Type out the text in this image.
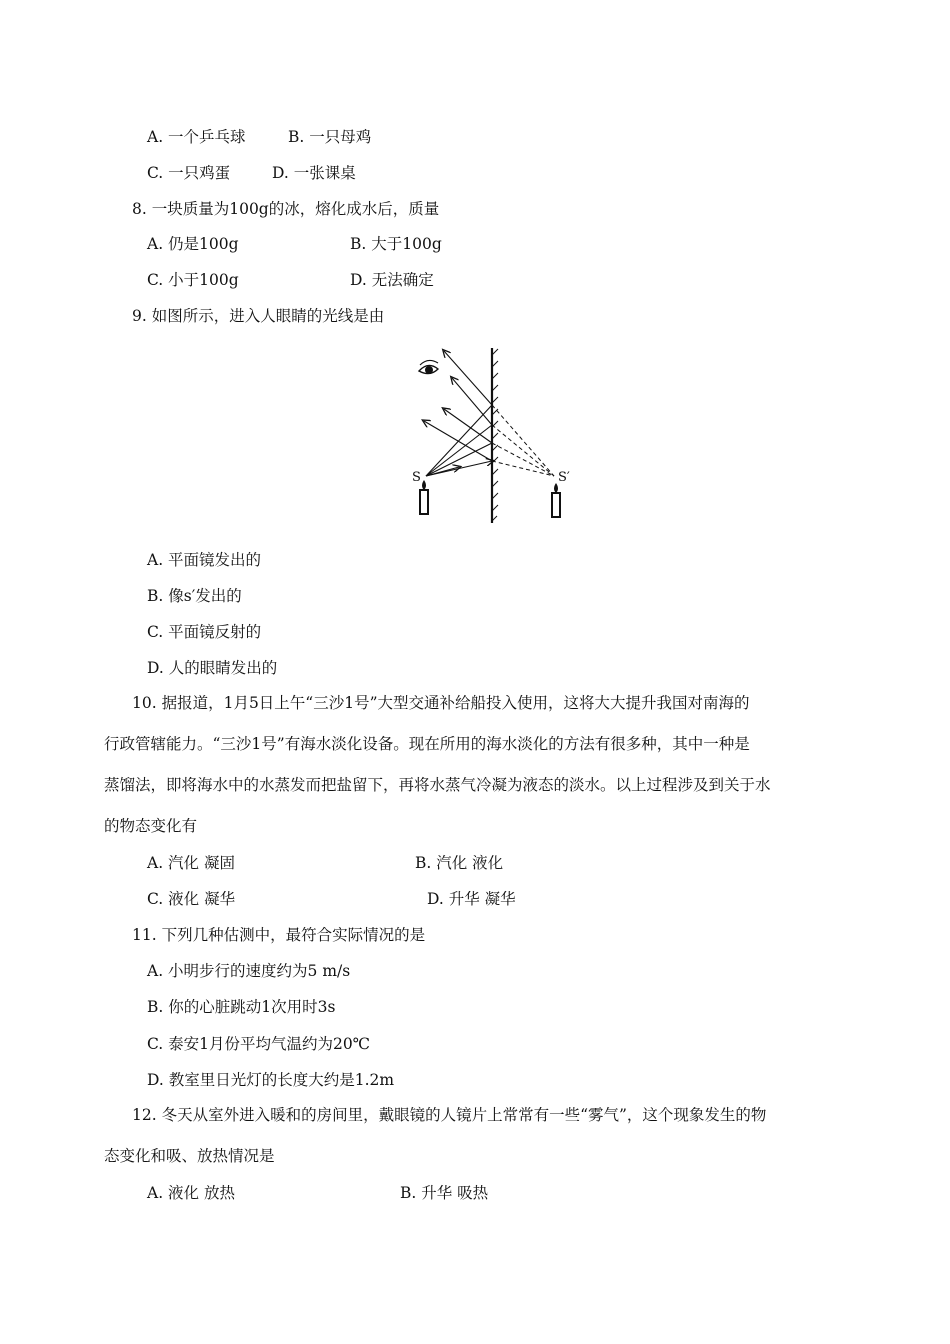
A. 一个乒乓球	B. 一只母鸡
C. 一只鸡蛋	D. 一张课桌
8. 一块质量为100g的冰，熔化成水后，质量
A. 仍是100g	B. 大于100g
C. 小于100g	D. 无法确定
9. 如图所示，进入人眼睛的光线是由
S	S′
A. 平面镜发出的
B. 像s′发出的
C. 平面镜反射的
D. 人的眼睛发出的
10. 据报道，1月5日上午“三沙1号”大型交通补给船投入使用，这将大大提升我国对南海的
行政管辖能力。“三沙1号”有海水淡化设备。现在所用的海水淡化的方法有很多种，其中一种是
蒸馏法，即将海水中的水蒸发而把盐留下，再将水蒸气冷凝为液态的淡水。以上过程涉及到关于水
的物态变化有
A. 汽化 凝固	B. 汽化 液化
C. 液化 凝华	D. 升华 凝华
11. 下列几种估测中，最符合实际情况的是
A. 小明步行的速度约为5 m/s
B. 你的心脏跳动1次用时3s
C. 泰安1月份平均气温约为20℃
D. 教室里日光灯的长度大约是1.2m
12. 冬天从室外进入暖和的房间里，戴眼镜的人镜片上常常有一些“雾气”，这个现象发生的物
态变化和吸、放热情况是
A. 液化 放热	B. 升华 吸热
